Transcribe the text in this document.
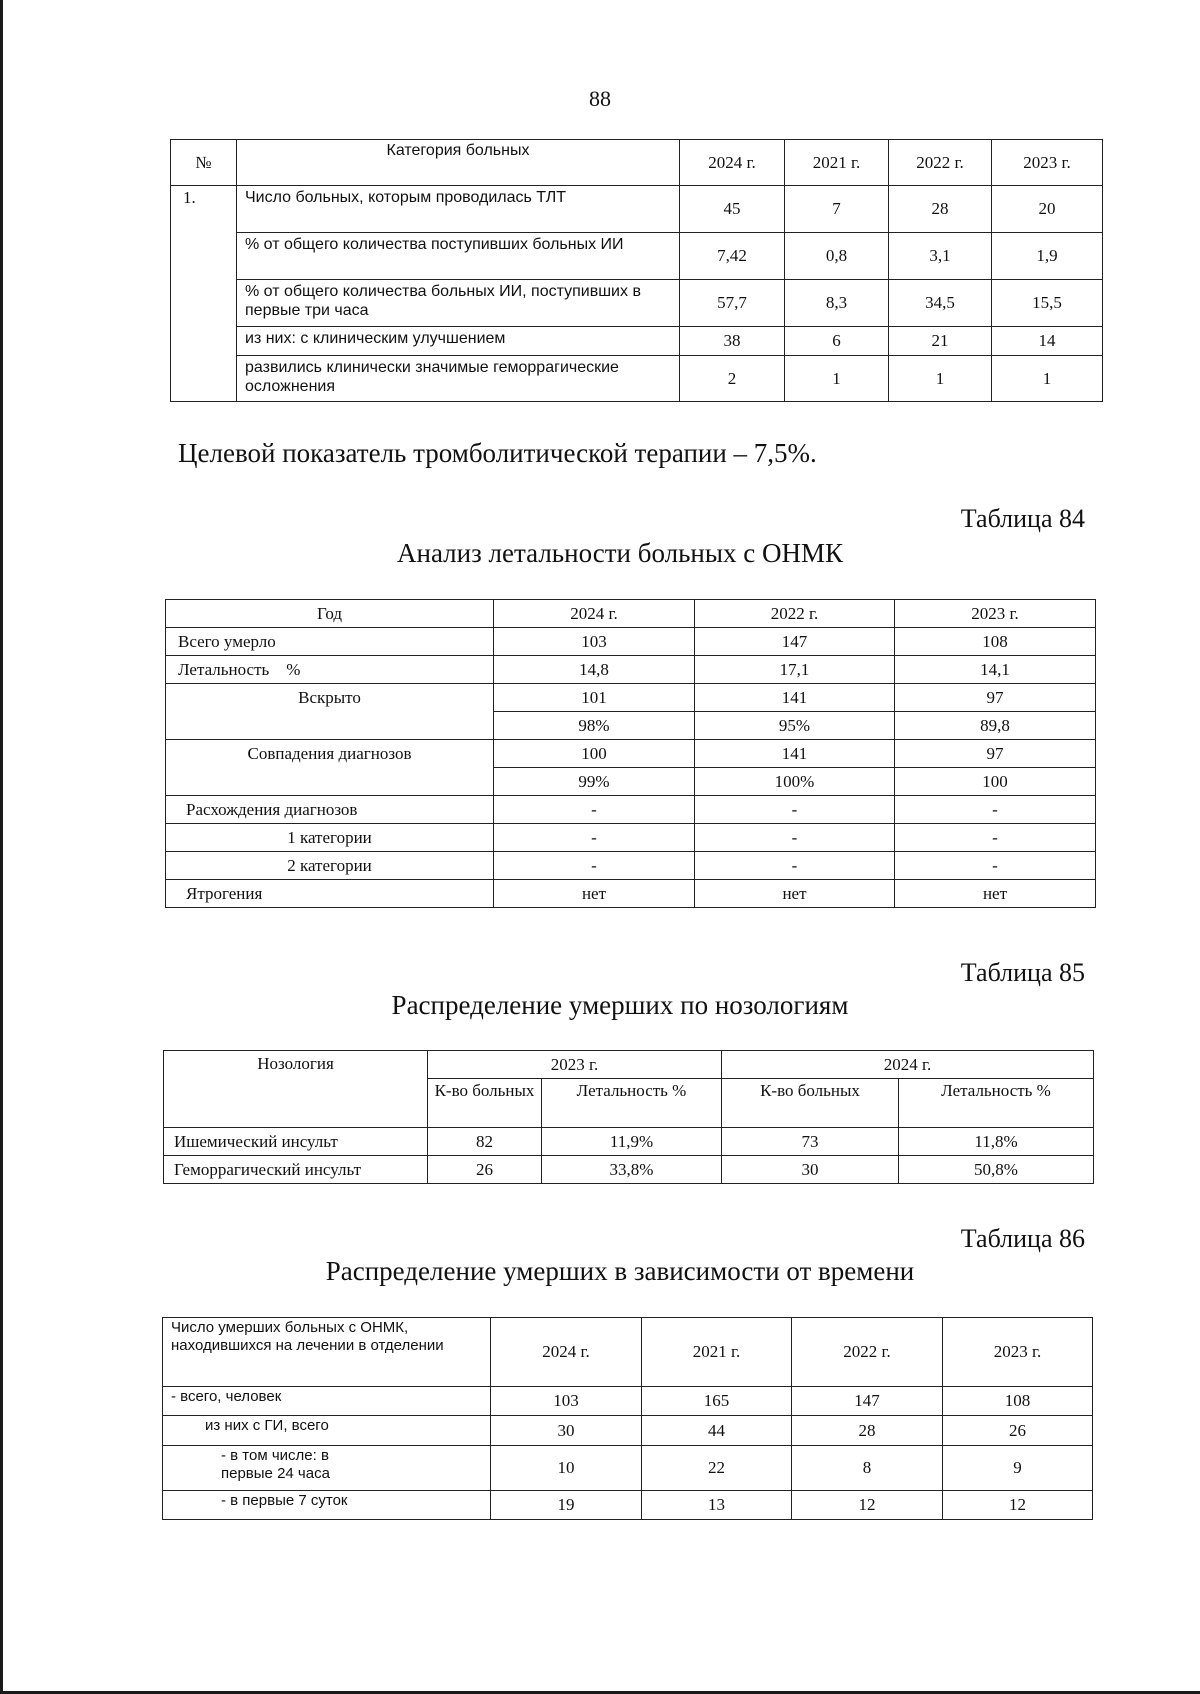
88
№	Категория больных	2024 г.	2021 г.	2022 г.	2023 г.
1.	Число больных, которым проводилась ТЛТ	45	7	28	20
	% от общего количества поступивших больных ИИ	7,42	0,8	3,1	1,9
	% от общего количества больных ИИ, поступивших в первые три часа	57,7	8,3	34,5	15,5
	из них: с клиническим улучшением	38	6	21	14
	развились клинически значимые геморрагические осложнения	2	1	1	1
Целевой показатель тромболитической терапии – 7,5%.
Таблица 84
Анализ летальности больных с ОНМК
Год	2024 г.	2022 г.	2023 г.
Всего умерло	103	147	108
Летальность    %	14,8	17,1	14,1
Вскрыто	101	141	97
	98%	95%	89,8
Совпадения диагнозов	100	141	97
	99%	100%	100
Расхождения диагнозов	-	-	-
1 категории	-	-	-
2 категории	-	-	-
Ятрогения	нет	нет	нет
Таблица 85
Распределение умерших по нозологиям
Нозология	2023 г.		2024 г.	
	К-во больных	Летальность %	К-во больных	Летальность %
Ишемический инсульт	82	11,9%	73	11,8%
Геморрагический инсульт	26	33,8%	30	50,8%
Таблица 86
Распределение умерших в зависимости от времени
Число умерших больных с ОНМК, находившихся на лечении в отделении	2024 г.	2021 г.	2022 г.	2023 г.
- всего, человек	103	165	147	108
из них с ГИ, всего	30	44	28	26
- в том числе: в первые 24 часа	10	22	8	9
- в первые 7 суток	19	13	12	12
